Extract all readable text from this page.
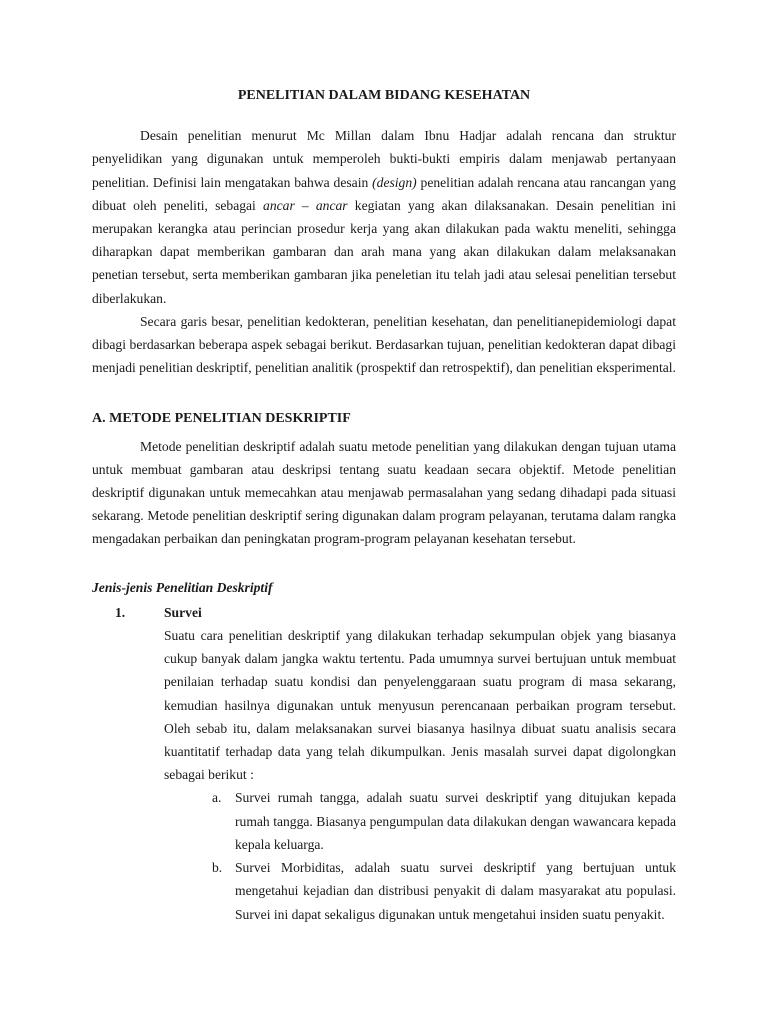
PENELITIAN DALAM BIDANG KESEHATAN

Desain penelitian menurut Mc Millan dalam Ibnu Hadjar adalah rencana dan struktur penyelidikan yang digunakan untuk memperoleh bukti-bukti empiris dalam menjawab pertanyaan penelitian. Definisi lain mengatakan bahwa desain (design) penelitian adalah rencana atau rancangan yang dibuat oleh peneliti, sebagai ancar – ancar kegiatan yang akan dilaksanakan. Desain penelitian ini merupakan kerangka atau perincian prosedur kerja yang akan dilakukan pada waktu meneliti, sehingga diharapkan dapat memberikan gambaran dan arah mana yang akan dilakukan dalam melaksanakan penetian tersebut, serta memberikan gambaran jika peneletian itu telah jadi atau selesai penelitian tersebut diberlakukan.

Secara garis besar, penelitian kedokteran, penelitian kesehatan, dan penelitianepidemiologi dapat dibagi berdasarkan beberapa aspek sebagai berikut. Berdasarkan tujuan, penelitian kedokteran dapat dibagi menjadi penelitian deskriptif, penelitian analitik (prospektif dan retrospektif), dan penelitian eksperimental.

A. METODE PENELITIAN DESKRIPTIF

Metode penelitian deskriptif adalah suatu metode penelitian yang dilakukan dengan tujuan utama untuk membuat gambaran atau deskripsi tentang suatu keadaan secara objektif. Metode penelitian deskriptif digunakan untuk memecahkan atau menjawab permasalahan yang sedang dihadapi pada situasi sekarang. Metode penelitian deskriptif sering digunakan dalam program pelayanan, terutama dalam rangka mengadakan perbaikan dan peningkatan program-program pelayanan kesehatan tersebut.

Jenis-jenis Penelitian Deskriptif
1.	Survei

Suatu cara penelitian deskriptif yang dilakukan terhadap sekumpulan objek yang biasanya cukup banyak dalam jangka waktu tertentu. Pada umumnya survei bertujuan untuk membuat penilaian terhadap suatu kondisi dan penyelenggaraan suatu program di masa sekarang, kemudian hasilnya digunakan untuk menyusun perencanaan perbaikan program tersebut. Oleh sebab itu, dalam melaksanakan survei biasanya hasilnya dibuat suatu analisis secara kuantitatif terhadap data yang telah dikumpulkan. Jenis masalah survei dapat digolongkan sebagai berikut :

a. Survei rumah tangga, adalah suatu survei deskriptif yang ditujukan kepada rumah tangga. Biasanya pengumpulan data dilakukan dengan wawancara kepada kepala keluarga.
b. Survei Morbiditas, adalah suatu survei deskriptif yang bertujuan untuk mengetahui kejadian dan distribusi penyakit di dalam masyarakat atu populasi. Survei ini dapat sekaligus digunakan untuk mengetahui insiden suatu penyakit.
